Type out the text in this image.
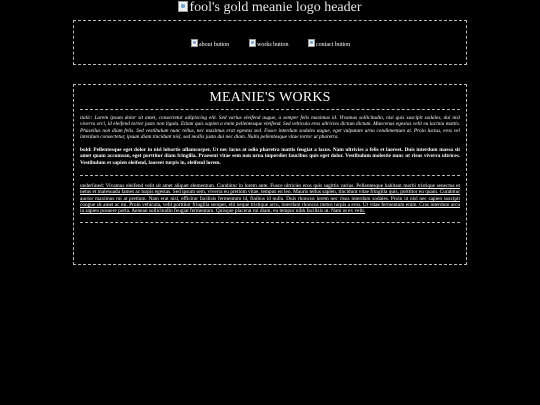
fool's gold meanie logo header
about button	works button	contact button
MEANIE'S WORKS

italic: Lorem ipsum dolor sit amet, consectetur adipiscing elit. Sed varius eleifend augue, a semper felis maximus id. Vivamus sollicitudin, nisi quis suscipit sodales, dui nisl viverra orci, id eleifend tortor justo non ligula. Etiam quis sapien a enim pellentesque eleifend. Sed vehicula eros ultricies dictum dictum. Maecenas egestas velit eu lacinia mattis. Phasellus non diam felis. Sed vestibulum nunc tellus, nec maximus erat egestas sed. Fusce interdum sodales augue, eget vulputate urna condimentum at. Proin luctus, eros vel interdum consectetur, ipsum diam tincidunt nisl, sed mollis justo dui nec diam. Nulla pellentesque vitae tortor ut pharetra.

bold: Pellentesque eget dolor in nisl lobortis ullamcorper. Ut nec lacus at odio pharetra mattis feugiat a lacus. Nam ultricies a felis et laoreet. Duis interdum massa sit amet quam accumsan, eget porttitor diam fringilla. Praesent vitae sem non urna imperdiet faucibus quis eget dolor. Vestibulum molestie nunc ut risus viverra ultrices. Vestibulum et sapien eleifend, laoreet turpis in, eleifend lorem.

underlined: Vivamus eleifend velit sit amet aliquet elementum. Curabitur in lorem ante. Fusce ultricies eros quis sagittis varius. Pellentesque habitant morbi tristique senectus et netus et malesuada fames ac turpis egestas. Sed ipsum sem, viverra eu pretium vitae, tempus eu leo. Mauris tellus sapien, tincidunt vitae fringilla quis, porttitor eu quam. Curabitur auctor maximus mi at pretium. Nam erat nisl, efficitur facilisis fermentum id, finibus id nulla. Duis rhoncus lorem nec risus interdum sodales. Proin ut nisl nec sapien suscipit congue sit amet ac mi. Proin vehicula, velit porttitor fringilla semper, elit neque tristique arcu, interdum rhoncus metus turpis a eros. Ut vitae fermentum enim. Cras interdum arcu in sapien posuere porta. Aenean sollicitudin feugiat fermentum. Quisque placerat mi diam, eu tempor nibh facilisis ut. Nam ut ex velit.
